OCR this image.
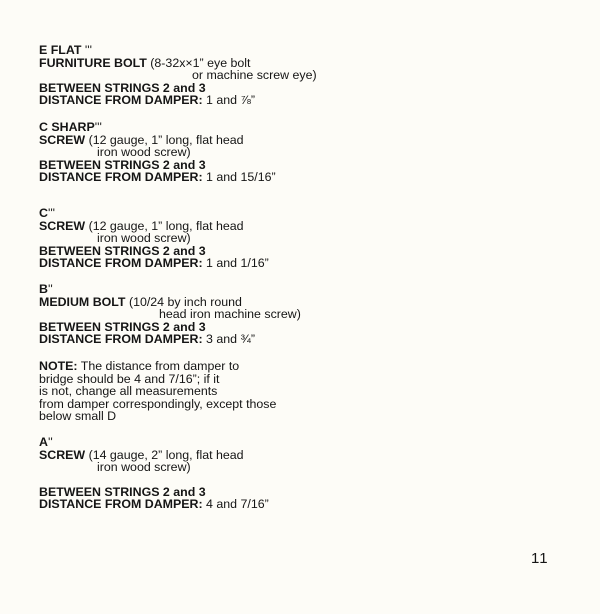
E FLAT '''
FURNITURE BOLT (8-32x×1” eye bolt
or machine screw eye)
BETWEEN STRINGS 2 and 3
DISTANCE FROM DAMPER: 1 and ⅞”
C SHARP'''
SCREW (12 gauge, 1” long, flat head
iron wood screw)
BETWEEN STRINGS 2 and 3
DISTANCE FROM DAMPER: 1 and 15/16”
C'''
SCREW (12 gauge, 1” long, flat head
iron wood screw)
BETWEEN STRINGS 2 and 3
DISTANCE FROM DAMPER: 1 and 1/16”
B''
MEDIUM BOLT (10/24 by inch round
head iron machine screw)
BETWEEN STRINGS 2 and 3
DISTANCE FROM DAMPER: 3 and ¾”
NOTE: The distance from damper to
bridge should be 4 and 7/16”; if it
is not, change all measurements
from damper correspondingly, except those
below small D
A''
SCREW (14 gauge, 2” long, flat head
iron wood screw)
BETWEEN STRINGS 2 and 3
DISTANCE FROM DAMPER: 4 and 7/16”
11
